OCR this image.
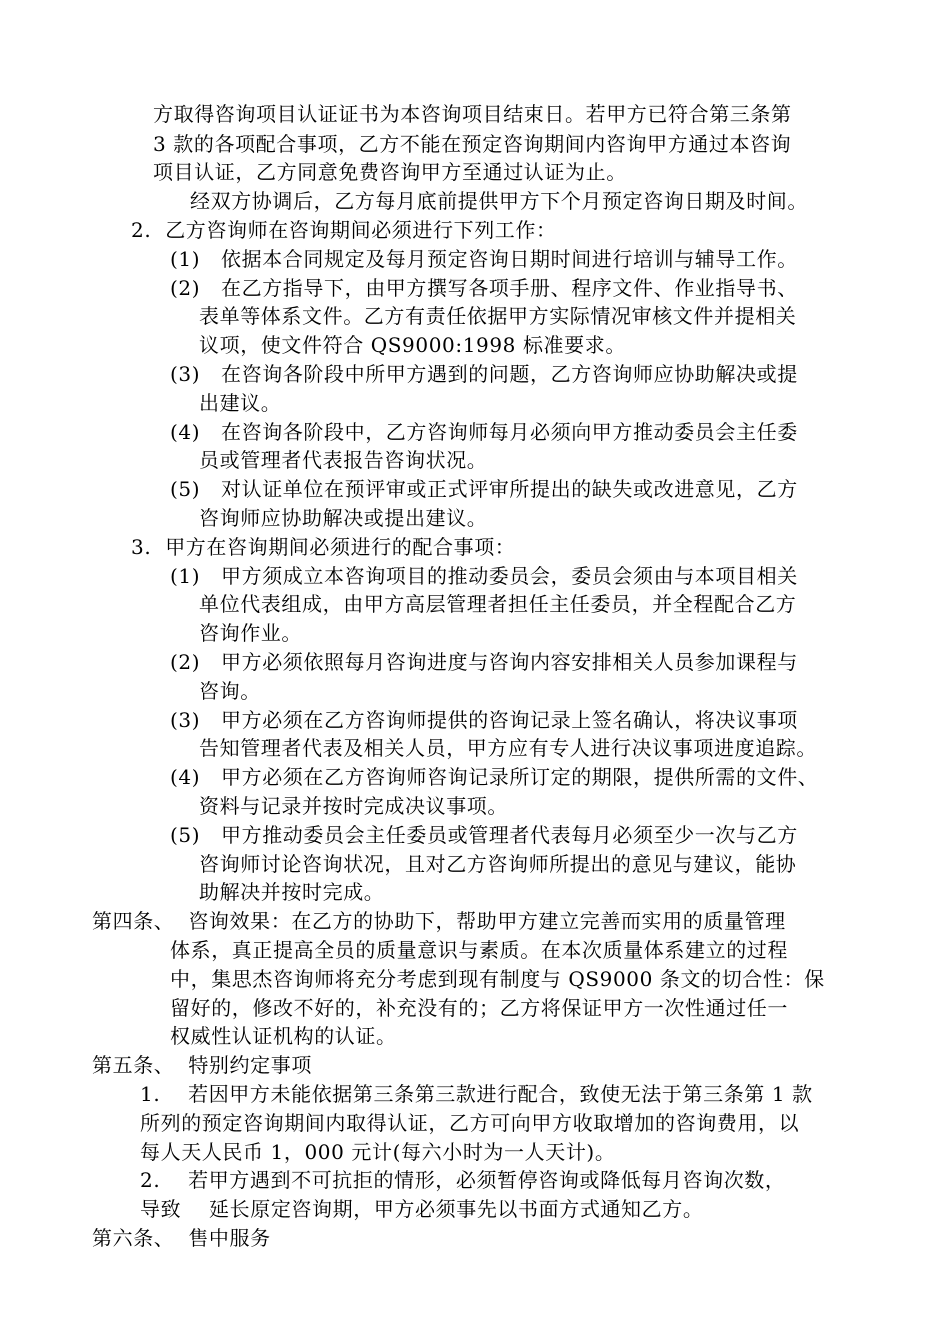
方取得咨询项目认证证书为本咨询项目结束日。若甲方已符合第三条第
3 款的各项配合事项，乙方不能在预定咨询期间内咨询甲方通过本咨询
项目认证，乙方同意免费咨询甲方至通过认证为止。
经双方协调后，乙方每月底前提供甲方下个月预定咨询日期及时间。
2.  乙方咨询师在咨询期间必须进行下列工作：
(1)   依据本合同规定及每月预定咨询日期时间进行培训与辅导工作。
(2)   在乙方指导下，由甲方撰写各项手册、程序文件、作业指导书、
表单等体系文件。乙方有责任依据甲方实际情况审核文件并提相关
议项，使文件符合 QS9000:1998 标准要求。
(3)   在咨询各阶段中所甲方遇到的问题，乙方咨询师应协助解决或提
出建议。
(4)   在咨询各阶段中，乙方咨询师每月必须向甲方推动委员会主任委
员或管理者代表报告咨询状况。
(5)   对认证单位在预评审或正式评审所提出的缺失或改进意见，乙方
咨询师应协助解决或提出建议。
3.  甲方在咨询期间必须进行的配合事项：
(1)   甲方须成立本咨询项目的推动委员会，委员会须由与本项目相关
单位代表组成，由甲方高层管理者担任主任委员，并全程配合乙方
咨询作业。
(2)   甲方必须依照每月咨询进度与咨询内容安排相关人员参加课程与
咨询。
(3)   甲方必须在乙方咨询师提供的咨询记录上签名确认，将决议事项
告知管理者代表及相关人员，甲方应有专人进行决议事项进度追踪。
(4)   甲方必须在乙方咨询师咨询记录所订定的期限，提供所需的文件、
资料与记录并按时完成决议事项。
(5)   甲方推动委员会主任委员或管理者代表每月必须至少一次与乙方
咨询师讨论咨询状况，且对乙方咨询师所提出的意见与建议，能协
助解决并按时完成。
第四条、  咨询效果：在乙方的协助下，帮助甲方建立完善而实用的质量管理
体系，真正提高全员的质量意识与素质。在本次质量体系建立的过程
中，集思杰咨询师将充分考虑到现有制度与 QS9000 条文的切合性：保
留好的，修改不好的，补充没有的；乙方将保证甲方一次性通过任一
权威性认证机构的认证。
第五条、  特别约定事项
1.    若因甲方未能依据第三条第三款进行配合，致使无法于第三条第 1 款
所列的预定咨询期间内取得认证，乙方可向甲方收取增加的咨询费用，以
每人天人民币 1，000 元计(每六小时为一人天计)。
2.    若甲方遇到不可抗拒的情形，必须暂停咨询或降低每月咨询次数，
导致    延长原定咨询期，甲方必须事先以书面方式通知乙方。
第六条、  售中服务
